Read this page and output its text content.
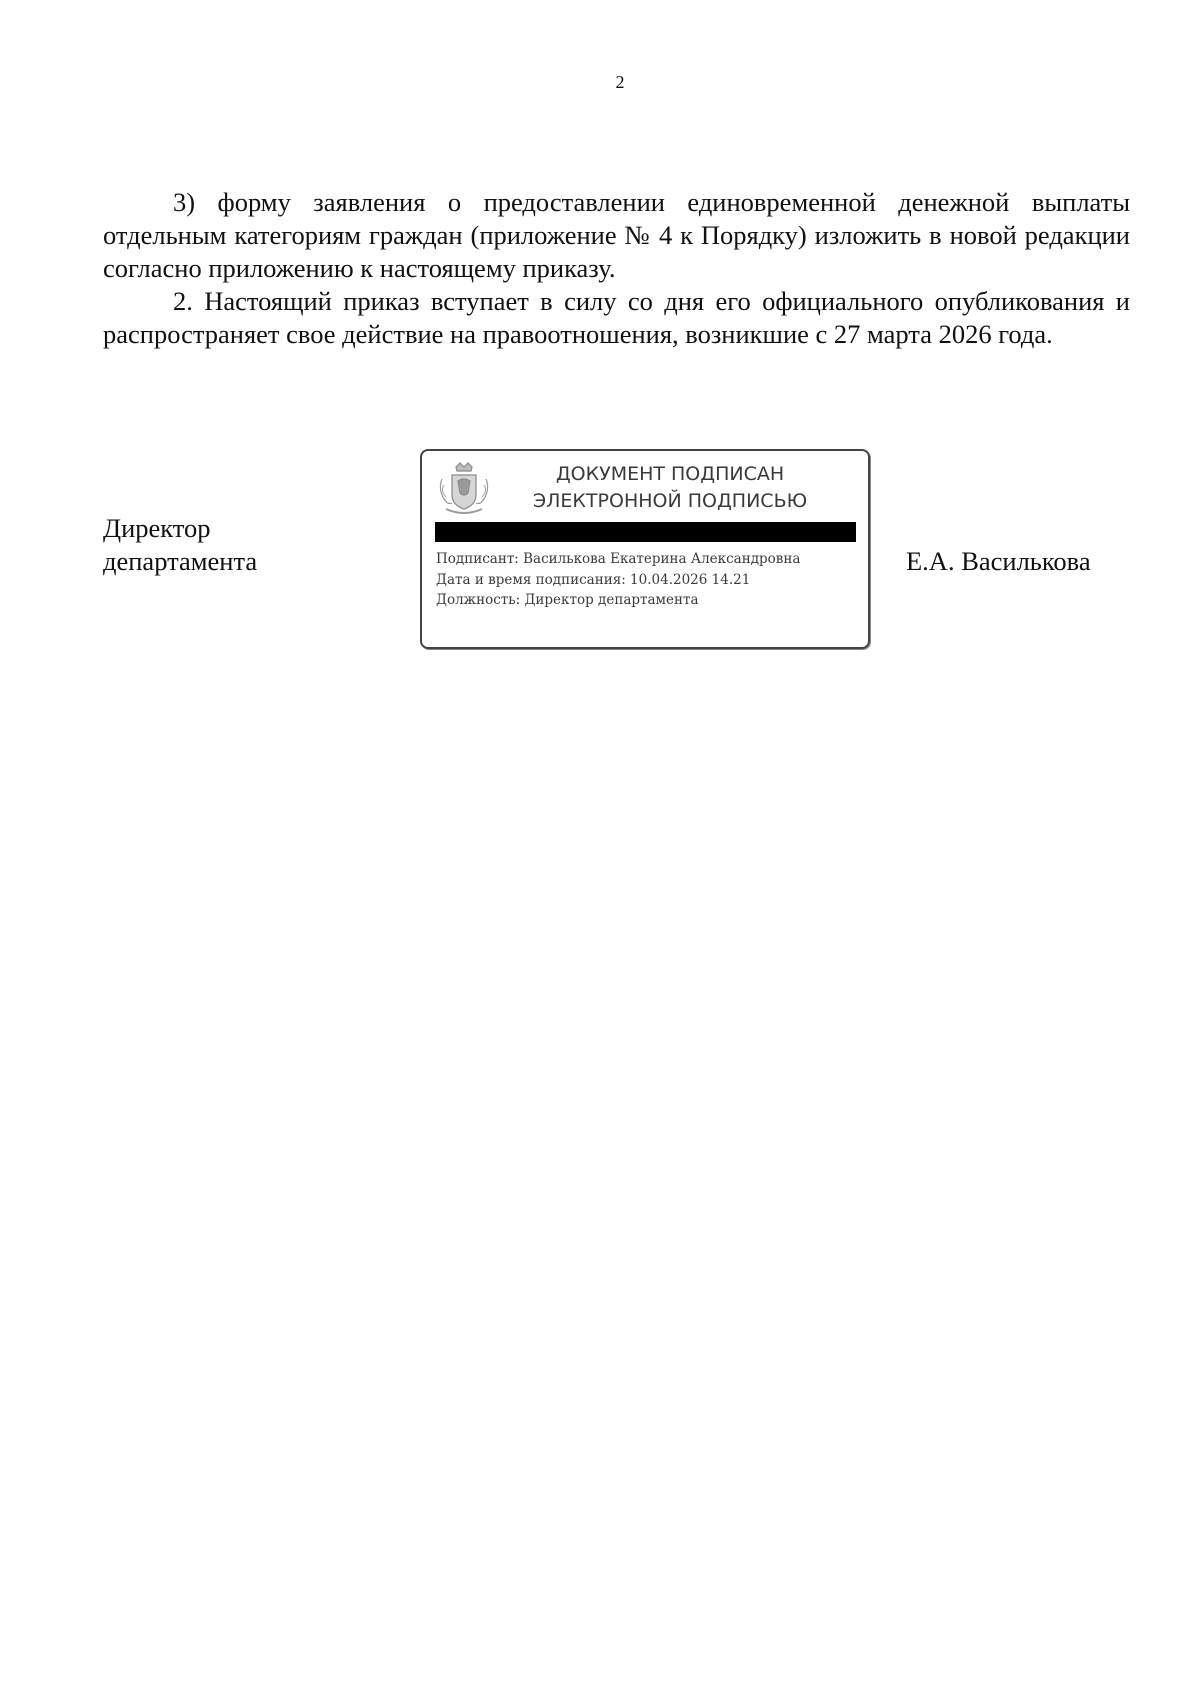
2

3) форму заявления о предоставлении единовременной денежной выплаты отдельным категориям граждан (приложение № 4 к Порядку) изложить в новой редакции согласно приложению к настоящему приказу.

2. Настоящий приказ вступает в силу со дня его официального опубликования и распространяет свое действие на правоотношения, возникшие с 27 марта 2026 года.

Директор
департамента
ДОКУМЕНТ ПОДПИСАН
ЭЛЕКТРОННОЙ ПОДПИСЬЮ
Подписант: Василькова Екатерина Александровна
Дата и время подписания: 10.04.2026 14.21
Должность: Директор департамента
Е.А. Василькова
